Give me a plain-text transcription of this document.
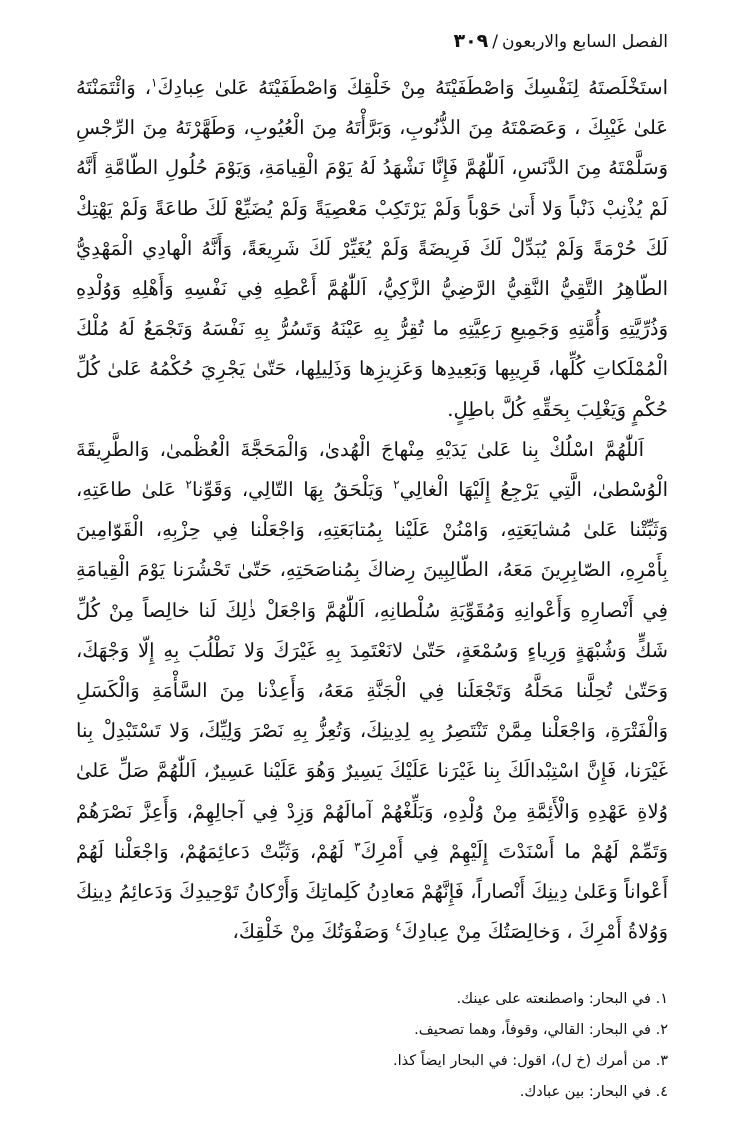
الفصل السابع والاربعون
/
٣٠٩

استَخْلَصتَهُ لِنَفْسِكَ وَاصْطَفَيْتَهُ مِنْ خَلْقِكَ وَاصْطَفَيْتَهُ عَلىٰ عِبادِكَ$^١$، وَائْتَمَنْتَهُ عَلىٰ غَيْبِكَ ، وَعَصَمْتَهُ مِنَ الذُّنُوبِ، وَبَرَّأْتَهُ مِنَ الْعُيُوبِ، وَطَهَّرْتَهُ مِنَ الرِّجْسِ وَسَلَّمْتَهُ مِنَ الدَّنَسِ، اَللّٰهُمَّ فَإِنَّا نَشْهَدُ لَهُ يَوْمَ الْقِيامَةِ، وَيَوْمَ حُلُولِ الطّامَّةِ أَنَّهُ لَمْ يُذْنِبْ ذَنْباً وَلا أَتىٰ حَوْباً وَلَمْ يَرْتَكِبْ مَعْصِيَةً وَلَمْ يُضَيِّعْ لَكَ طاعَةً وَلَمْ يَهْتِكْ لَكَ حُرْمَةً وَلَمْ يُبَدِّلْ لَكَ فَرِيضَةً وَلَمْ يُغَيِّرْ لَكَ شَرِيعَةً، وَأَنَّهُ الْهادِي الْمَهْدِيُّ الطّاهِرُ التَّقِيُّ النَّقِيُّ الرَّضِيُّ الزَّكِيُّ، اَللّٰهُمَّ أَعْطِهِ فِي نَفْسِهِ وَأَهْلِهِ وَوُلْدِهِ وَذُرِّيَّتِهِ وَأُمَّتِهِ وَجَمِيعِ رَعِيَّتِهِ ما تُقِرُّ بِهِ عَيْنَهُ وَتَسُرُّ بِهِ نَفْسَهُ وَتَجْمَعُ لَهُ مُلْكَ الْمُمْلَكاتِ كُلِّها، قَرِيبِها وَبَعِيدِها وَعَزِيزِها وَذَلِيلِها، حَتّىٰ يَجْرِيَ حُكْمُهُ عَلىٰ كُلِّ حُكْمٍ وَيَغْلِبَ بِحَقِّهِ كُلَّ باطِلٍ.

اَللّٰهُمَّ اسْلُكْ بِنا عَلىٰ يَدَيْهِ مِنْهاجَ الْهُدىٰ، وَالْمَحَجَّةَ الْعُظْمىٰ، وَالطَّرِيقَةَ الْوُسْطىٰ، الَّتِي يَرْجِعُ إِلَيْهَا الْغالِي$^٢$ وَيَلْحَقُ بِهَا التّالِي، وَقَوِّنا$^٢$ عَلىٰ طاعَتِهِ، وَثَبِّتْنا عَلىٰ مُشايَعَتِهِ، وَامْنُنْ عَلَيْنا بِمُتابَعَتِهِ، وَاجْعَلْنا فِي حِزْبِهِ، الْقَوّامِينَ بِأَمْرِهِ، الصّابِرِينَ مَعَهُ، الطّالِبِينَ رِضاكَ بِمُناصَحَتِهِ، حَتّىٰ تَحْشُرَنا يَوْمَ الْقِيامَةِ فِي أَنْصارِهِ وَأَعْوانِهِ وَمُقَوِّيَةِ سُلْطانِهِ، اَللّٰهُمَّ وَاجْعَلْ ذٰلِكَ لَنا خالِصاً مِنْ كُلِّ شَكٍّ وَشُبْهَةٍ وَرِياءٍ وَسُمْعَةٍ، حَتّىٰ لانَعْتَمِدَ بِهِ غَيْرَكَ وَلا نَطْلُبَ بِهِ إِلّا وَجْهَكَ، وَحَتّىٰ تُحِلَّنا مَحَلَّهُ وَتَجْعَلَنا فِي الْجَنَّةِ مَعَهُ، وَأَعِذْنا مِنَ السَّأْمَةِ وَالْكَسَلِ وَالْفَتْرَةِ، وَاجْعَلْنا مِمَّنْ تَنْتَصِرُ بِهِ لِدِينِكَ، وَتُعِزُّ بِهِ نَصْرَ وَلِيِّكَ، وَلا تَسْتَبْدِلْ بِنا غَيْرَنا، فَإِنَّ اسْتِبْدالَكَ بِنا غَيْرَنا عَلَيْكَ يَسِيرٌ وَهُوَ عَلَيْنا عَسِيرٌ، اَللّٰهُمَّ صَلِّ عَلىٰ وُلاةِ عَهْدِهِ وَالْأَئِمَّةِ مِنْ وُلْدِهِ، وَبَلِّغْهُمْ آمالَهُمْ وَزِدْ فِي آجالِهِمْ، وَأَعِزَّ نَصْرَهُمْ وَتَمِّمْ لَهُمْ ما أَسْنَدْتَ إِلَيْهِمْ فِي أَمْرِكَ$^٣$ لَهُمْ، وَثَبِّتْ دَعائِمَهُمْ، وَاجْعَلْنا لَهُمْ أَعْواناً وَعَلىٰ دِينِكَ أَنْصاراً، فَإِنَّهُمْ مَعادِنُ كَلِماتِكَ وَأَرْكانُ تَوْحِيدِكَ وَدَعائِمُ دِينِكَ وَوُلاةُ أَمْرِكَ ، وَخالِصَتُكَ مِنْ عِبادِكَ$^٤$ وَصَفْوَتُكَ مِنْ خَلْقِكَ،

١. في البحار: واصطنعته على عينك.
٢. في البحار: القالي، وقوفاً، وهما تصحيف.
٣. من أمرك (خ ل)، اقول: في البحار ايضاً كذا.
٤. في البحار: بين عبادك.
